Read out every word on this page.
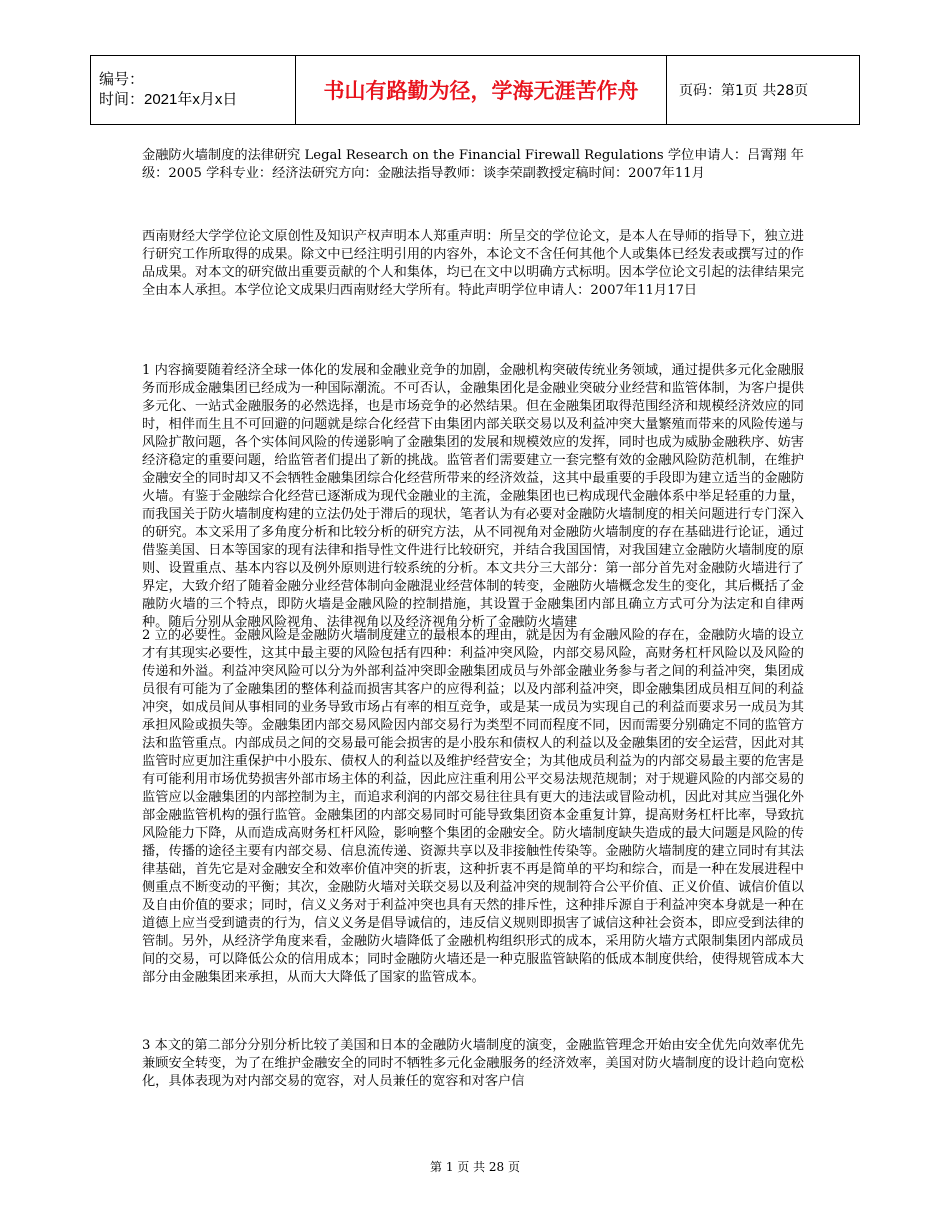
编号：
时间：2021年x月x日	书山有路勤为径，学海无涯苦作舟	页码：第1页 共28页

金融防火墙制度的法律研究 Legal Research on the Financial Firewall Regulations 学位申请人：吕霄翔 年级：2005 学科专业：经济法研究方向：金融法指导教师：谈李荣副教授定稿时间：2007年11月

西南财经大学学位论文原创性及知识产权声明本人郑重声明：所呈交的学位论文，是本人在导师的指导下，独立进行研究工作所取得的成果。除文中已经注明引用的内容外，本论文不含任何其他个人或集体已经发表或撰写过的作品成果。对本文的研究做出重要贡献的个人和集体，均已在文中以明确方式标明。因本学位论文引起的法律结果完全由本人承担。本学位论文成果归西南财经大学所有。特此声明学位申请人：2007年11月17日

1 内容摘要随着经济全球一体化的发展和金融业竞争的加剧，金融机构突破传统业务领域，通过提供多元化金融服务而形成金融集团已经成为一种国际潮流。不可否认，金融集团化是金融业突破分业经营和监管体制，为客户提供多元化、一站式金融服务的必然选择，也是市场竞争的必然结果。但在金融集团取得范围经济和规模经济效应的同时，相伴而生且不可回避的问题就是综合化经营下由集团内部关联交易以及利益冲突大量繁殖而带来的风险传递与风险扩散问题，各个实体间风险的传递影响了金融集团的发展和规模效应的发挥，同时也成为威胁金融秩序、妨害经济稳定的重要问题，给监管者们提出了新的挑战。监管者们需要建立一套完整有效的金融风险防范机制，在维护金融安全的同时却又不会牺牲金融集团综合化经营所带来的经济效益，这其中最重要的手段即为建立适当的金融防火墙。有鉴于金融综合化经营已逐渐成为现代金融业的主流，金融集团也已构成现代金融体系中举足轻重的力量，而我国关于防火墙制度构建的立法仍处于滞后的现状，笔者认为有必要对金融防火墙制度的相关问题进行专门深入的研究。本文采用了多角度分析和比较分析的研究方法，从不同视角对金融防火墙制度的存在基础进行论证，通过借鉴美国、日本等国家的现有法律和指导性文件进行比较研究，并结合我国国情，对我国建立金融防火墙制度的原则、设置重点、基本内容以及例外原则进行较系统的分析。本文共分三大部分：第一部分首先对金融防火墙进行了界定，大致介绍了随着金融分业经营体制向金融混业经营体制的转变，金融防火墙概念发生的变化，其后概括了金融防火墙的三个特点，即防火墙是金融风险的控制措施，其设置于金融集团内部且确立方式可分为法定和自律两种。随后分别从金融风险视角、法律视角以及经济视角分析了金融防火墙建

2 立的必要性。金融风险是金融防火墙制度建立的最根本的理由，就是因为有金融风险的存在，金融防火墙的设立才有其现实必要性，这其中最主要的风险包括有四种：利益冲突风险，内部交易风险，高财务杠杆风险以及风险的传递和外溢。利益冲突风险可以分为外部利益冲突即金融集团成员与外部金融业务参与者之间的利益冲突，集团成员很有可能为了金融集团的整体利益而损害其客户的应得利益；以及内部利益冲突，即金融集团成员相互间的利益冲突，如成员间从事相同的业务导致市场占有率的相互竞争，或是某一成员为实现自己的利益而要求另一成员为其承担风险或损失等。金融集团内部交易风险因内部交易行为类型不同而程度不同，因而需要分别确定不同的监管方法和监管重点。内部成员之间的交易最可能会损害的是小股东和债权人的利益以及金融集团的安全运营，因此对其监管时应更加注重保护中小股东、债权人的利益以及维护经营安全；为其他成员利益为的内部交易最主要的危害是有可能利用市场优势损害外部市场主体的利益，因此应注重利用公平交易法规范规制；对于规避风险的内部交易的监管应以金融集团的内部控制为主，而追求利润的内部交易往往具有更大的违法或冒险动机，因此对其应当强化外部金融监管机构的强行监管。金融集团的内部交易同时可能导致集团资本金重复计算，提高财务杠杆比率，导致抗风险能力下降，从而造成高财务杠杆风险，影响整个集团的金融安全。防火墙制度缺失造成的最大问题是风险的传播，传播的途径主要有内部交易、信息流传递、资源共享以及非接触性传染等。金融防火墙制度的建立同时有其法律基础，首先它是对金融安全和效率价值冲突的折衷，这种折衷不再是简单的平均和综合，而是一种在发展进程中侧重点不断变动的平衡；其次，金融防火墙对关联交易以及利益冲突的规制符合公平价值、正义价值、诚信价值以及自由价值的要求；同时，信义义务对于利益冲突也具有天然的排斥性，这种排斥源自于利益冲突本身就是一种在道德上应当受到谴责的行为，信义义务是倡导诚信的，违反信义规则即损害了诚信这种社会资本，即应受到法律的管制。另外，从经济学角度来看，金融防火墙降低了金融机构组织形式的成本，采用防火墙方式限制集团内部成员间的交易，可以降低公众的信用成本；同时金融防火墙还是一种克服监管缺陷的低成本制度供给，使得规管成本大部分由金融集团来承担，从而大大降低了国家的监管成本。

3 本文的第二部分分别分析比较了美国和日本的金融防火墙制度的演变，金融监管理念开始由安全优先向效率优先兼顾安全转变，为了在维护金融安全的同时不牺牲多元化金融服务的经济效率，美国对防火墙制度的设计趋向宽松化，具体表现为对内部交易的宽容，对人员兼任的宽容和对客户信

第 1 页 共 28 页
